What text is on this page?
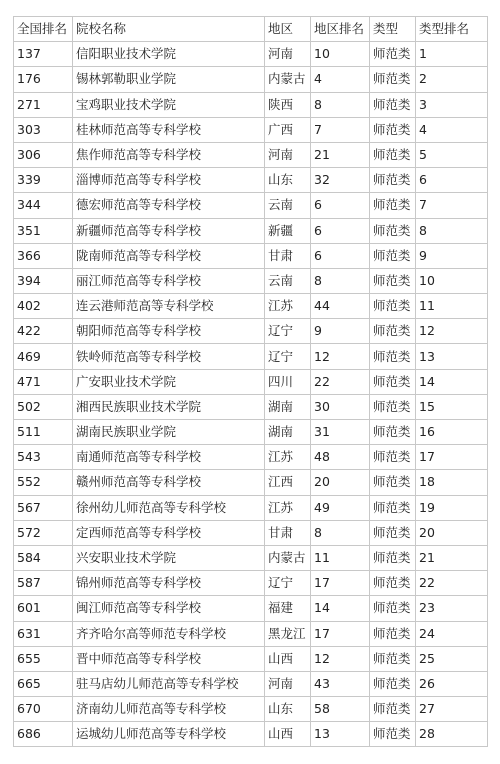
全国排名	院校名称	地区	地区排名	类型	类型排名
137	信阳职业技术学院	河南	10	师范类	1
176	锡林郭勒职业学院	内蒙古	4	师范类	2
271	宝鸡职业技术学院	陕西	8	师范类	3
303	桂林师范高等专科学校	广西	7	师范类	4
306	焦作师范高等专科学校	河南	21	师范类	5
339	淄博师范高等专科学校	山东	32	师范类	6
344	德宏师范高等专科学校	云南	6	师范类	7
351	新疆师范高等专科学校	新疆	6	师范类	8
366	陇南师范高等专科学校	甘肃	6	师范类	9
394	丽江师范高等专科学校	云南	8	师范类	10
402	连云港师范高等专科学校	江苏	44	师范类	11
422	朝阳师范高等专科学校	辽宁	9	师范类	12
469	铁岭师范高等专科学校	辽宁	12	师范类	13
471	广安职业技术学院	四川	22	师范类	14
502	湘西民族职业技术学院	湖南	30	师范类	15
511	湖南民族职业学院	湖南	31	师范类	16
543	南通师范高等专科学校	江苏	48	师范类	17
552	赣州师范高等专科学校	江西	20	师范类	18
567	徐州幼儿师范高等专科学校	江苏	49	师范类	19
572	定西师范高等专科学校	甘肃	8	师范类	20
584	兴安职业技术学院	内蒙古	11	师范类	21
587	锦州师范高等专科学校	辽宁	17	师范类	22
601	闽江师范高等专科学校	福建	14	师范类	23
631	齐齐哈尔高等师范专科学校	黑龙江	17	师范类	24
655	晋中师范高等专科学校	山西	12	师范类	25
665	驻马店幼儿师范高等专科学校	河南	43	师范类	26
670	济南幼儿师范高等专科学校	山东	58	师范类	27
686	运城幼儿师范高等专科学校	山西	13	师范类	28
